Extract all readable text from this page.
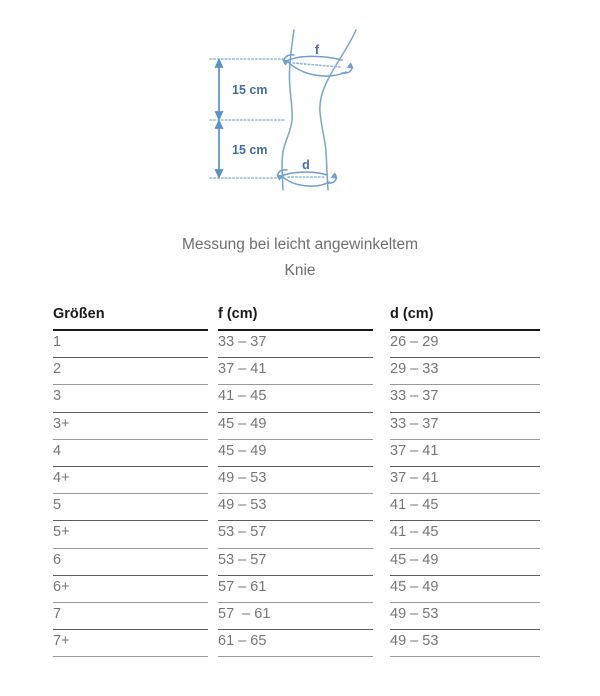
15 cm
15 cm
f
d
Messung bei leicht angewinkeltem
Knie
Größen	f (cm)	d (cm)
1	33 – 37	26 – 29
2	37 – 41	29 – 33
3	41 – 45	33 – 37
3+	45 – 49	33 – 37
4	45 – 49	37 – 41
4+	49 – 53	37 – 41
5	49 – 53	41 – 45
5+	53 – 57	41 – 45
6	53 – 57	45 – 49
6+	57 – 61	45 – 49
7	57  – 61	49 – 53
7+	61 – 65	49 – 53
